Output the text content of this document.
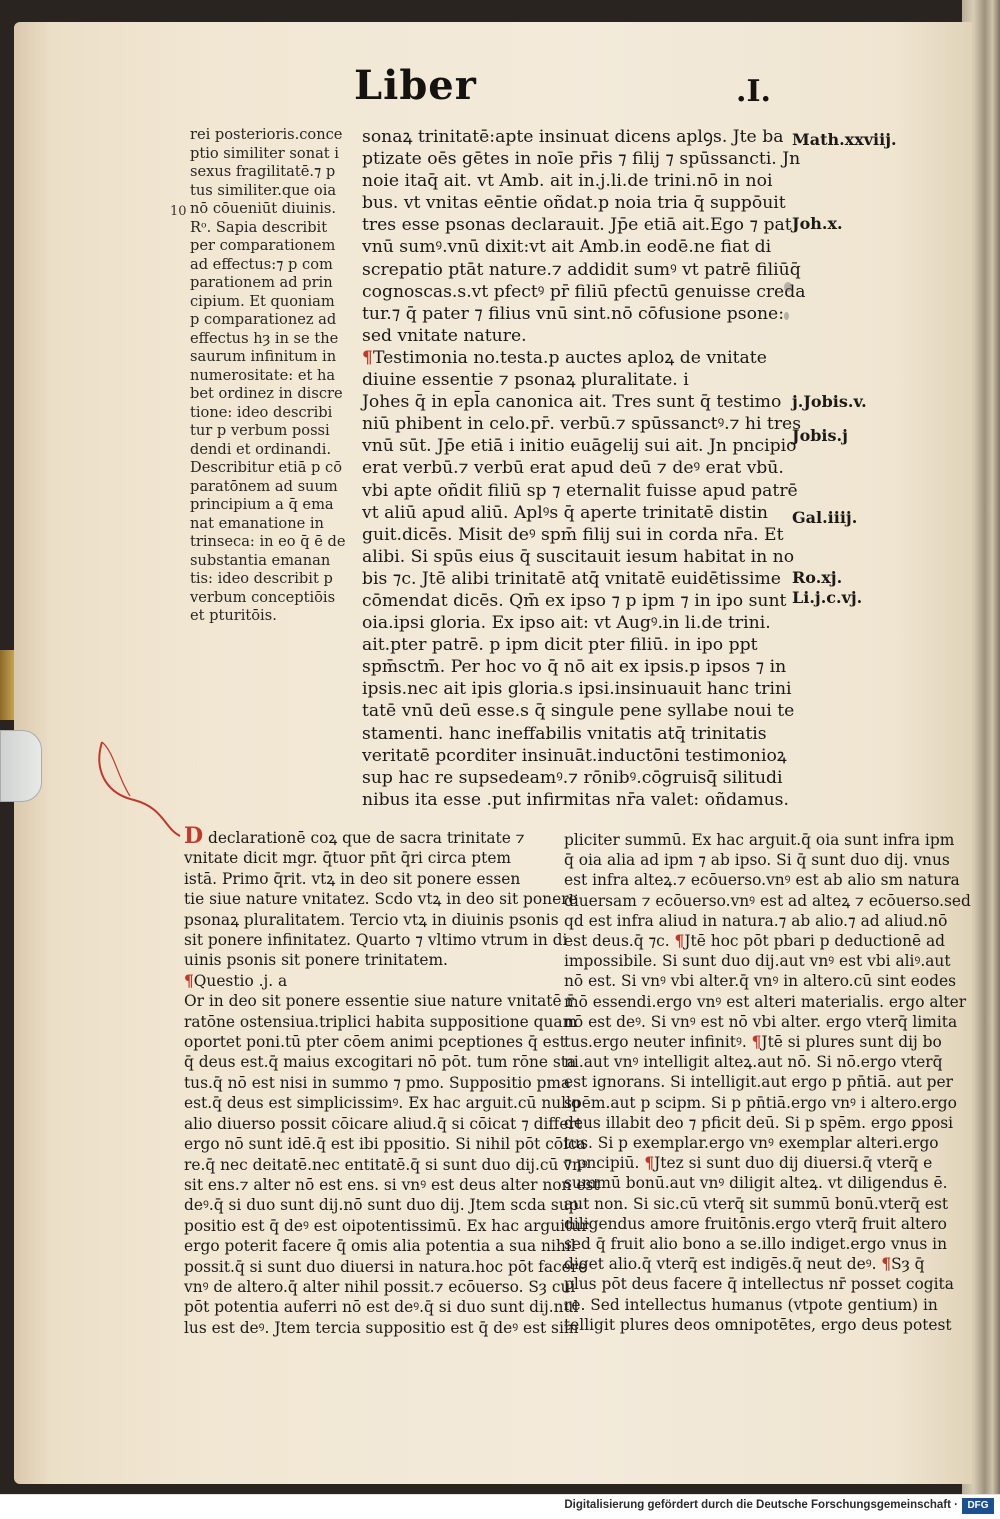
Liber	.I.
10
rei posterioris.conce
ptio similiter sonat i
sexus fragilitatē.⁊ p
tus similiter.que oia
nō cōueniūt diuinis.
Rᵒ. Sapia describit
per comparationem
ad effectus:⁊ p com
parationem ad prin
cipium. Et quoniam
p comparationez ad
effectus hȝ in se the
saurum infinitum in
numerositate: et ha
bet ordinez in discre
tione: ideo describi
tur p verbum possi
dendi et ordinandi.
Describitur etiā p cō
paratōnem ad suum
principium a q̄ ema
nat emanatione in
trinseca: in eo q̄ ē de
substantia emanan
tis: ideo describit p
verbum conceptiōis
et pturitōis.
sonaꝝ trinitatē:apte insinuat dicens aplꝯs. Jte ba
ptizate oēs gētes in noīe pr̄is ⁊ filij ⁊ spūssancti. Jn
noie itaq̄ ait. vt Amb. ait in.j.li.de trini.nō in noi
bus. vt vnitas eēntie oñdat.p noia tria q̄ suppōuit
tres esse psonas declarauit. Jp̄e etiā ait.Ego ⁊ pat
vnū sumꝰ.vnū dixit:vt ait Amb.in eodē.ne fiat di
screpatio ptāt nature.⁊ addidit sumꝰ vt patrē filiūq̄
cognoscas.s.vt pfectꝰ pr̄ filiū pfectū genuisse creda
tur.⁊ q̄ pater ⁊ filius vnū sint.nō cōfusione psone:
sed vnitate nature.
¶Testimonia no.testa.p auctes aploꝝ de vnitate
diuine essentie ⁊ psonaꝝ pluralitate. i
Johes q̄ in epl̄a canonica ait. Tres sunt q̄ testimo
niū phibent in celo.pr̄. verbū.⁊ spūssanctꝰ.⁊ hi tres
vnū sūt. Jp̄e etiā i initio euāgelij sui ait. Jn pncipio
erat verbū.⁊ verbū erat apud deū ⁊ deꝰ erat vbū.
vbi apte oñdit filiū sp ⁊ eternalit fuisse apud patrē
vt aliū apud aliū. Aplꝰs q̄ aperte trinitatē distin
guit.dicēs. Misit deꝰ spm̄ filij sui in corda nr̄a. Et
alibi. Si spūs eius q̄ suscitauit iesum habitat in no
bis ⁊c. Jtē alibi trinitatē atq̄ vnitatē euidētissime
cōmendat dicēs. Qm̄ ex ipso ⁊ p ipm ⁊ in ipo sunt
oia.ipsi gloria. Ex ipso ait: vt Augꝰ.in li.de trini.
ait.pter patrē. p ipm dicit pter filiū. in ipo ppt
spm̄sctm̄. Per hoc vo q̄ nō ait ex ipsis.p ipsos ⁊ in
ipsis.nec ait ipis gloria.s ipsi.insinuauit hanc trini
tatē vnū deū esse.s q̄ singule pene syllabe noui te
stamenti. hanc ineffabilis vnitatis atq̄ trinitatis
veritatē pcorditer insinuāt.inductōni testimonioꝝ
sup hac re supsedeamꝰ.⁊ rōnibꝰ.cōgruisq̄ silitudi
nibus ita esse .put infirmitas nr̄a valet: oñdamus.
Math.xxviij.
Joh.x.
j.Jobis.v.
Jobis.j
Gal.iiij.
Ro.xj.
Li.j.c.vj.
D declarationē coꝝ que de sacra trinitate ⁊
vnitate dicit mgr. q̄tuor pn̄t q̄ri circa ptem
istā. Primo q̄rit. vtꝝ in deo sit ponere essen
tie siue nature vnitatez. Scdo vtꝝ in deo sit ponere
psonaꝝ pluralitatem. Tercio vtꝝ in diuinis psonis
sit ponere infinitatez. Quarto ⁊ vltimo vtrum in di
uinis psonis sit ponere trinitatem.
¶Questio .j. a
Or in deo sit ponere essentie siue nature vnitatē r̄
ratōne ostensiua.triplici habita suppositione quam
oportet poni.tū pter cōem animi pceptiones q̄ est
q̄ deus est.q̄ maius excogitari nō pōt. tum rōne sta
tus.q̄ nō est nisi in summo ⁊ pmo. Suppositio pma
est.q̄ deus est simplicissimꝰ. Ex hac arguit.cū nullo
alio diuerso possit cōicare aliud.q̄ si cōicat ⁊ differt
ergo nō sunt idē.q̄ est ibi ppositio. Si nihil pōt cōica
re.q̄ nec deitatē.nec entitatē.q̄ si sunt duo dij.cū vnꝰ
sit ens.⁊ alter nō est ens. si vnꝰ est deus alter non est
deꝰ.q̄ si duo sunt dij.nō sunt duo dij. Jtem scda sup
positio est q̄ deꝰ est oipotentissimū. Ex hac arguitur
ergo poterit facere q̄ omis alia potentia a sua nihil
possit.q̄ si sunt duo diuersi in natura.hoc pōt facere
vnꝰ de altero.q̄ alter nihil possit.⁊ ecōuerso. Sȝ cui
pōt potentia auferri nō est deꝰ.q̄ si duo sunt dij.nul
lus est deꝰ. Jtem tercia suppositio est q̄ deꝰ est sim
pliciter summū. Ex hac arguit.q̄ oia sunt infra ipm
q̄ oia alia ad ipm ⁊ ab ipso. Si q̄ sunt duo dij. vnus
est infra alteꝝ.⁊ ecōuerso.vnꝰ est ab alio sm natura
diuersam ⁊ ecōuerso.vnꝰ est ad alteꝝ ⁊ ecōuerso.sed
qd est infra aliud in natura.⁊ ab alio.⁊ ad aliud.nō
est deus.q̄ ⁊c. ¶Jtē hoc pōt pbari p deductionē ad
impossibile. Si sunt duo dij.aut vnꝰ est vbi aliꝰ.aut
nō est. Si vnꝰ vbi alter.q̄ vnꝰ in altero.cū sint eodes
mō essendi.ergo vnꝰ est alteri materialis. ergo alter
nō est deꝰ. Si vnꝰ est nō vbi alter. ergo vterq̄ limita
tus.ergo neuter infinitꝰ. ¶Jtē si plures sunt dij bo
ni.aut vnꝰ intelligit alteꝝ.aut nō. Si nō.ergo vterq̄
est ignorans. Si intelligit.aut ergo p pn̄tiā. aut per
spēm.aut p scipm. Si p pn̄tiā.ergo vnꝰ i altero.ergo
deus illabit deo ⁊ pficit deū. Si p spēm. ergo ꝑposi
tus. Si p exemplar.ergo vnꝰ exemplar alteri.ergo
⁊ pncipiū. ¶Jtez si sunt duo dij diuersi.q̄ vterq̄ e
summū bonū.aut vnꝰ diligit alteꝝ. vt diligendus ē.
aut non. Si sic.cū vterq̄ sit summū bonū.vterq̄ est
diligendus amore fruitōnis.ergo vterq̄ fruit altero
sed q̄ fruit alio bono a se.illo indiget.ergo vnus in
diget alio.q̄ vterq̄ est indigēs.q̄ neut deꝰ. ¶Sȝ q̄
plus pōt deus facere q̄ intellectus nr̄ posset cogita
re. Sed intellectus humanus (vtpote gentium) in
telligit plures deos omnipotētes, ergo deus potest
Digitalisierung gefördert durch die Deutsche Forschungsgemeinschaft · DFG
